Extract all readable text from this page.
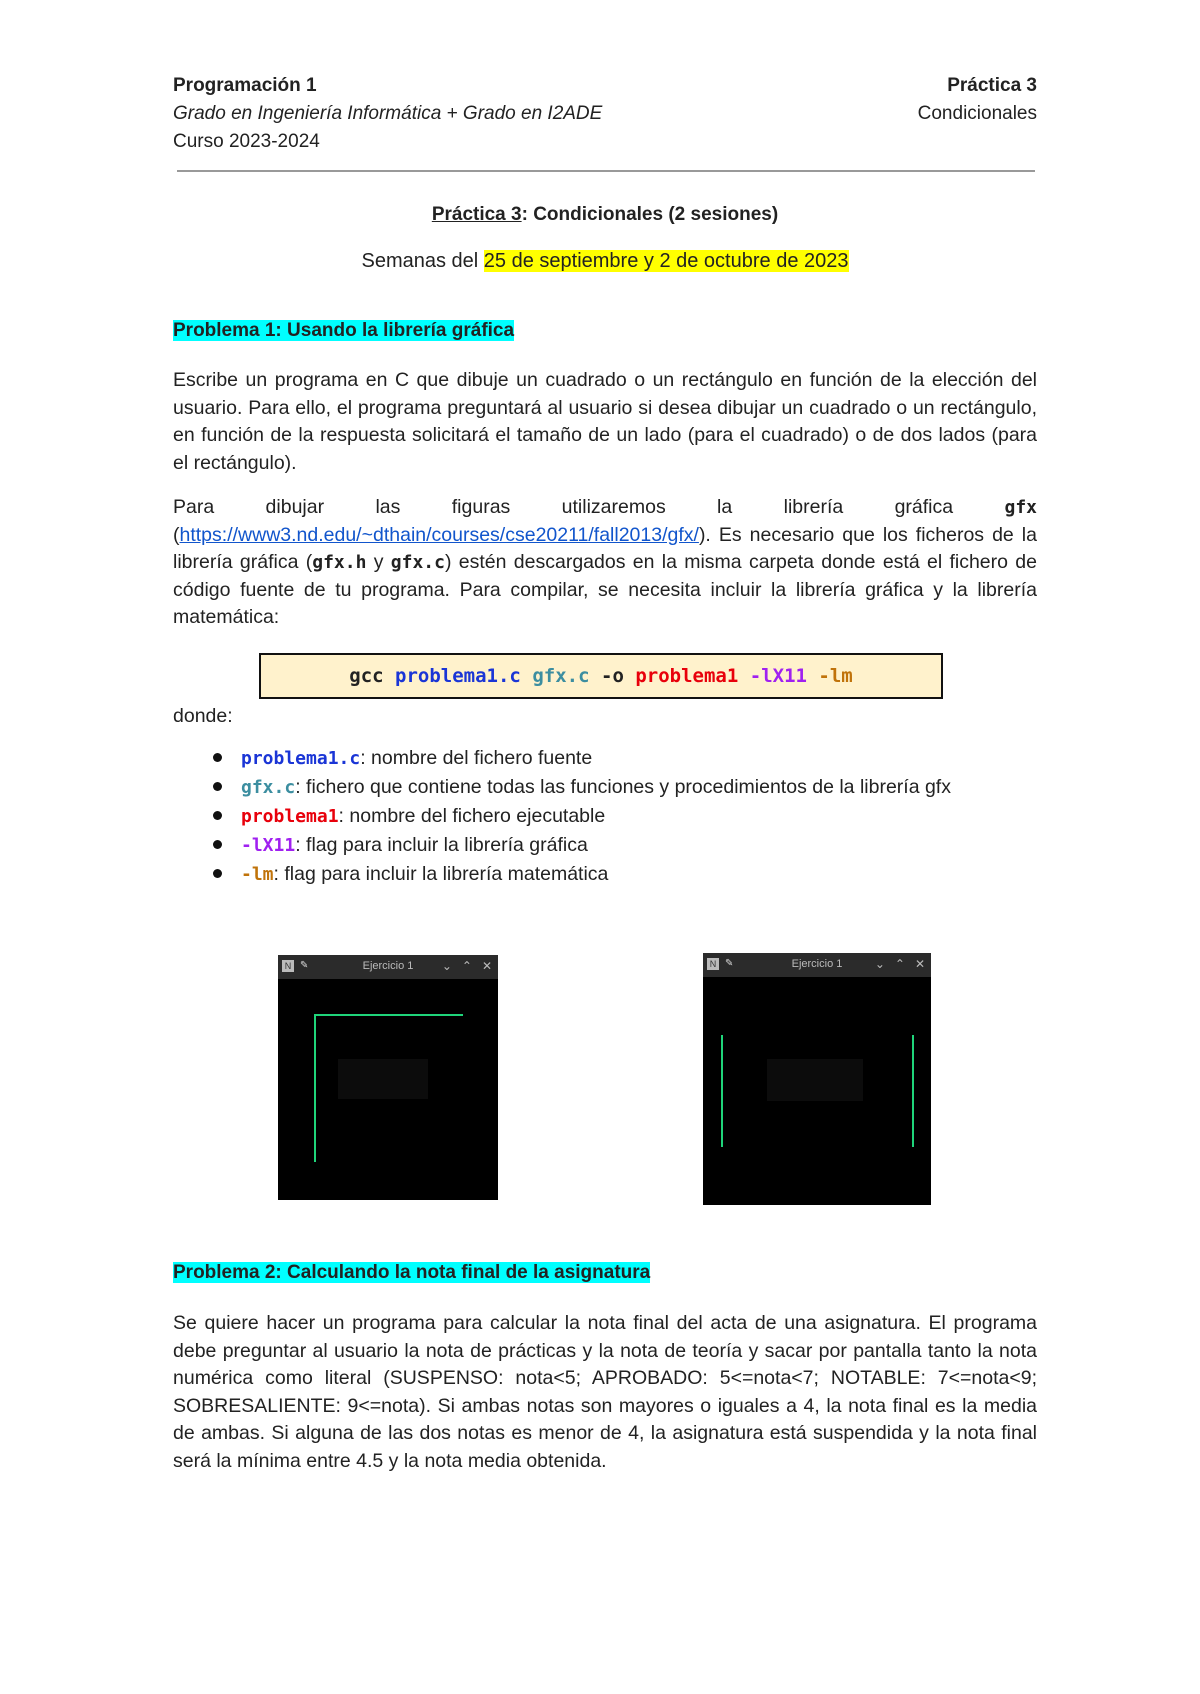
Programación 1	Práctica 3
Grado en Ingeniería Informática + Grado en I2ADE	Condicionales
Curso 2023-2024
Práctica 3: Condicionales (2 sesiones)
Semanas del 25 de septiembre y 2 de octubre de 2023
Problema 1: Usando la librería gráfica

Escribe un programa en C que dibuje un cuadrado o un rectángulo en función de la elección del usuario. Para ello, el programa preguntará al usuario si desea dibujar un cuadrado o un rectángulo, en función de la respuesta solicitará el tamaño de un lado (para el cuadrado) o de dos lados (para el rectángulo).

Para dibujar las figuras utilizaremos la librería gráfica gfx (https://www3.nd.edu/~dthain/courses/cse20211/fall2013/gfx/). Es necesario que los ficheros de la librería gráfica (gfx.h y gfx.c) estén descargados en la misma carpeta donde está el fichero de código fuente de tu programa. Para compilar, se necesita incluir la librería gráfica y la librería matemática:

gcc
problema1.c
gfx.c
-o
problema1
-lX11
-lm
donde:
problema1.c: nombre del fichero fuente
gfx.c: fichero que contiene todas las funciones y procedimientos de la librería gfx
problema1: nombre del fichero ejecutable
-lX11: flag para incluir la librería gráfica
-lm: flag para incluir la librería matemática
N ✎	Ejercicio 1	⌄ ⌃ ✕	N ✎	Ejercicio 1	⌄ ⌃ ✕
Problema 2: Calculando la nota final de la asignatura

Se quiere hacer un programa para calcular la nota final del acta de una asignatura. El programa debe preguntar al usuario la nota de prácticas y la nota de teoría y sacar por pantalla tanto la nota numérica como literal (SUSPENSO: nota<5; APROBADO: 5<=nota<7; NOTABLE: 7<=nota<9; SOBRESALIENTE: 9<=nota). Si ambas notas son mayores o iguales a 4, la nota final es la media de ambas. Si alguna de las dos notas es menor de 4, la asignatura está suspendida y la nota final será la mínima entre 4.5 y la nota media obtenida.
